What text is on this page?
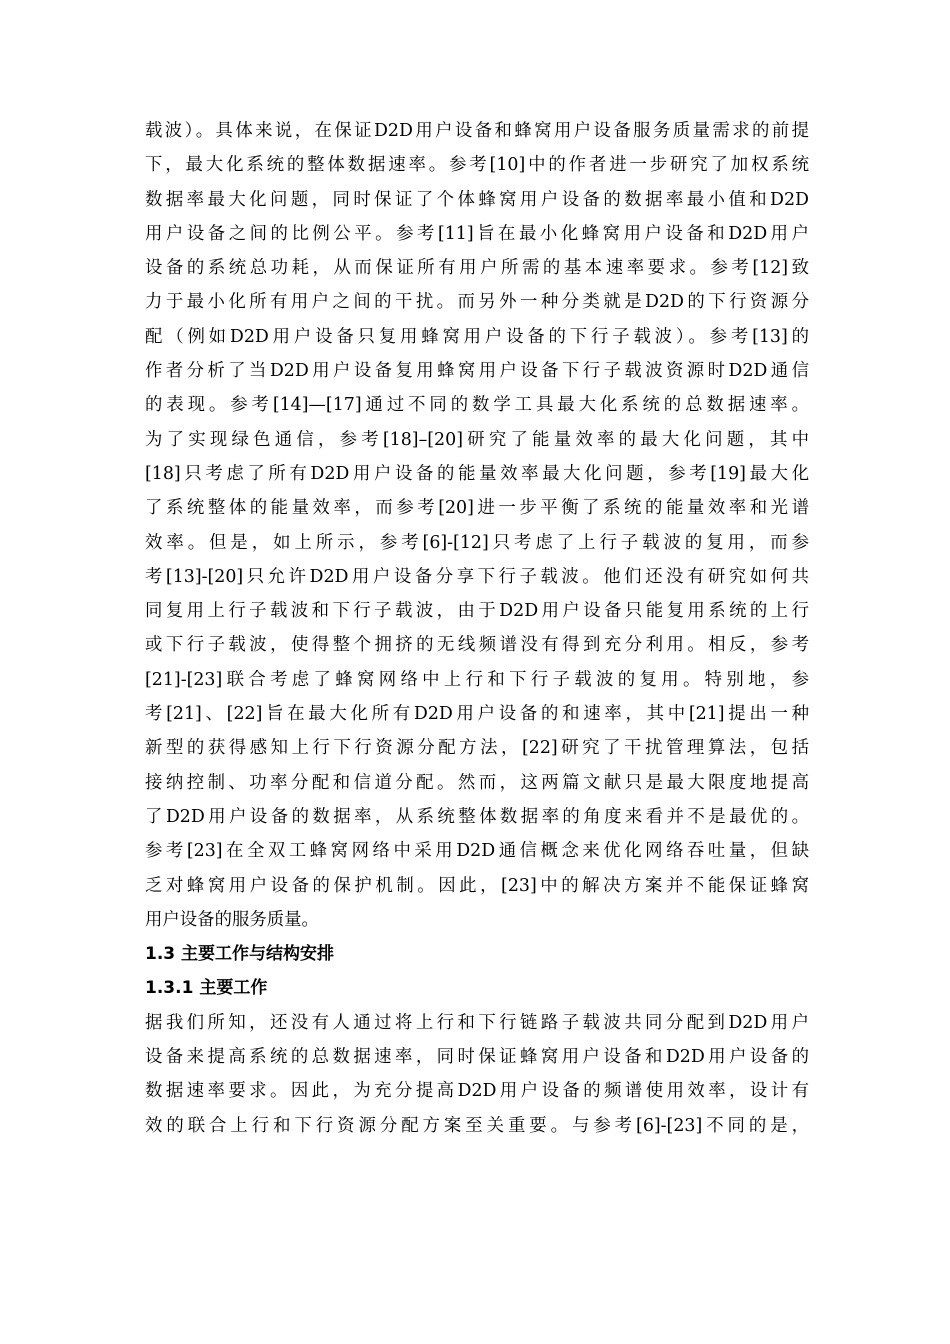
载波）。具体来说，在保证D2D用户设备和蜂窝用户设备服务质量需求的前提
下，最大化系统的整体数据速率。参考[10]中的作者进一步研究了加权系统
数据率最大化问题，同时保证了个体蜂窝用户设备的数据率最小值和D2D
用户设备之间的比例公平。参考[11]旨在最小化蜂窝用户设备和D2D用户
设备的系统总功耗，从而保证所有用户所需的基本速率要求。参考[12]致
力于最小化所有用户之间的干扰。而另外一种分类就是D2D的下行资源分
配（例如D2D用户设备只复用蜂窝用户设备的下行子载波）。参考[13]的
作者分析了当D2D用户设备复用蜂窝用户设备下行子载波资源时D2D通信
的表现。参考[14]—[17]通过不同的数学工具最大化系统的总数据速率。
为了实现绿色通信，参考[18]–[20]研究了能量效率的最大化问题，其中
[18]只考虑了所有D2D用户设备的能量效率最大化问题，参考[19]最大化
了系统整体的能量效率，而参考[20]进一步平衡了系统的能量效率和光谱
效率。但是，如上所示，参考[6]-[12]只考虑了上行子载波的复用，而参
考[13]-[20]只允许D2D用户设备分享下行子载波。他们还没有研究如何共
同复用上行子载波和下行子载波，由于D2D用户设备只能复用系统的上行
或下行子载波，使得整个拥挤的无线频谱没有得到充分利用。相反，参考
[21]-[23]联合考虑了蜂窝网络中上行和下行子载波的复用。特别地，参
考[21]、[22]旨在最大化所有D2D用户设备的和速率，其中[21]提出一种
新型的获得感知上行下行资源分配方法，[22]研究了干扰管理算法，包括
接纳控制、功率分配和信道分配。然而，这两篇文献只是最大限度地提高
了D2D用户设备的数据率，从系统整体数据率的角度来看并不是最优的。
参考[23]在全双工蜂窝网络中采用D2D通信概念来优化网络吞吐量，但缺
乏对蜂窝用户设备的保护机制。因此，[23]中的解决方案并不能保证蜂窝
用户设备的服务质量。
1.3 主要工作与结构安排
1.3.1 主要工作
据我们所知，还没有人通过将上行和下行链路子载波共同分配到D2D用户
设备来提高系统的总数据速率，同时保证蜂窝用户设备和D2D用户设备的
数据速率要求。因此，为充分提高D2D用户设备的频谱使用效率，设计有
效的联合上行和下行资源分配方案至关重要。与参考[6]-[23]不同的是，
